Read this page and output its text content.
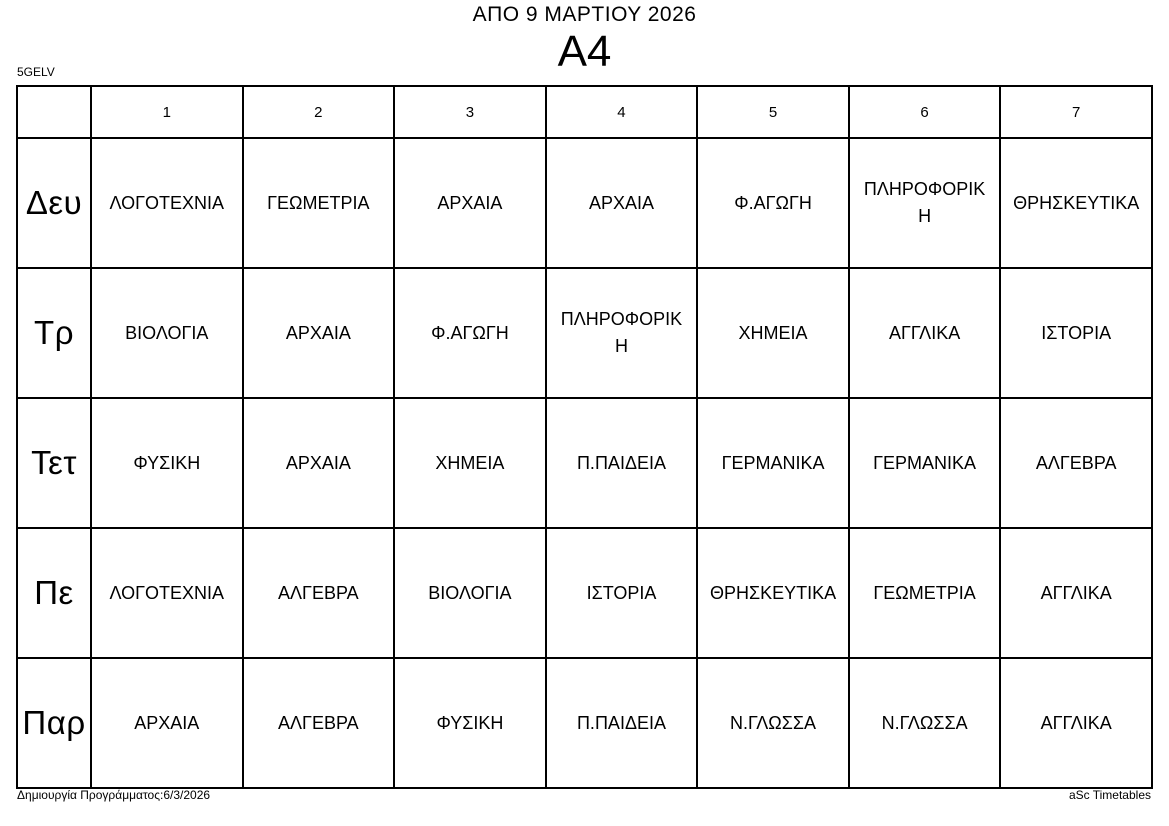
ΑΠΟ 9 ΜΑΡΤΙΟΥ 2026
Α4
5GELV
	1	2	3	4	5	6	7
Δευ	ΛΟΓΟΤΕΧΝΙΑ	ΓΕΩΜΕΤΡΙΑ	ΑΡΧΑΙΑ	ΑΡΧΑΙΑ	Φ.ΑΓΩΓΗ	ΠΛΗΡΟΦΟΡΙΚΗ	ΘΡΗΣΚΕΥΤΙΚΑ
Τρ	ΒΙΟΛΟΓΙΑ	ΑΡΧΑΙΑ	Φ.ΑΓΩΓΗ	ΠΛΗΡΟΦΟΡΙΚΗ	ΧΗΜΕΙΑ	ΑΓΓΛΙΚΑ	ΙΣΤΟΡΙΑ
Τετ	ΦΥΣΙΚΗ	ΑΡΧΑΙΑ	ΧΗΜΕΙΑ	Π.ΠΑΙΔΕΙΑ	ΓΕΡΜΑΝΙΚΑ	ΓΕΡΜΑΝΙΚΑ	ΑΛΓΕΒΡΑ
Πε	ΛΟΓΟΤΕΧΝΙΑ	ΑΛΓΕΒΡΑ	ΒΙΟΛΟΓΙΑ	ΙΣΤΟΡΙΑ	ΘΡΗΣΚΕΥΤΙΚΑ	ΓΕΩΜΕΤΡΙΑ	ΑΓΓΛΙΚΑ
Παρ	ΑΡΧΑΙΑ	ΑΛΓΕΒΡΑ	ΦΥΣΙΚΗ	Π.ΠΑΙΔΕΙΑ	Ν.ΓΛΩΣΣΑ	Ν.ΓΛΩΣΣΑ	ΑΓΓΛΙΚΑ
Δημιουργία Προγράμματος:6/3/2026	aSc Timetables
